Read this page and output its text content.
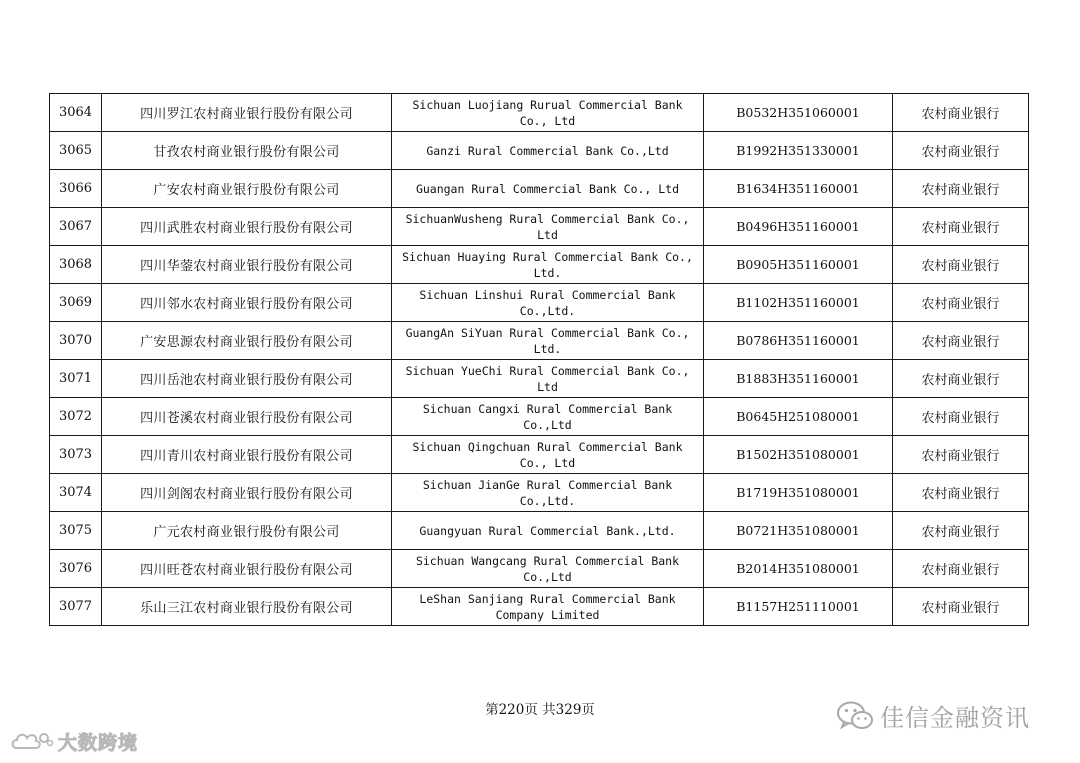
3064	四川罗江农村商业银行股份有限公司	Sichuan Luojiang Rurual Commercial Bank Co., Ltd	B0532H351060001	农村商业银行
3065	甘孜农村商业银行股份有限公司	Ganzi Rural Commercial Bank Co.,Ltd	B1992H351330001	农村商业银行
3066	广安农村商业银行股份有限公司	Guangan Rural Commercial Bank Co., Ltd	B1634H351160001	农村商业银行
3067	四川武胜农村商业银行股份有限公司	SichuanWusheng Rural Commercial Bank Co., Ltd	B0496H351160001	农村商业银行
3068	四川华蓥农村商业银行股份有限公司	Sichuan Huaying Rural Commercial Bank Co., Ltd.	B0905H351160001	农村商业银行
3069	四川邻水农村商业银行股份有限公司	Sichuan Linshui Rural Commercial Bank Co.,Ltd.	B1102H351160001	农村商业银行
3070	广安思源农村商业银行股份有限公司	GuangAn SiYuan Rural Commercial Bank Co., Ltd.	B0786H351160001	农村商业银行
3071	四川岳池农村商业银行股份有限公司	Sichuan YueChi Rural Commercial Bank Co., Ltd	B1883H351160001	农村商业银行
3072	四川苍溪农村商业银行股份有限公司	Sichuan Cangxi Rural Commercial Bank Co.,Ltd	B0645H251080001	农村商业银行
3073	四川青川农村商业银行股份有限公司	Sichuan Qingchuan Rural Commercial Bank Co., Ltd	B1502H351080001	农村商业银行
3074	四川剑阁农村商业银行股份有限公司	Sichuan JianGe Rural Commercial Bank Co.,Ltd.	B1719H351080001	农村商业银行
3075	广元农村商业银行股份有限公司	Guangyuan Rural Commercial Bank.,Ltd.	B0721H351080001	农村商业银行
3076	四川旺苍农村商业银行股份有限公司	Sichuan Wangcang Rural Commercial Bank Co.,Ltd	B2014H351080001	农村商业银行
3077	乐山三江农村商业银行股份有限公司	LeShan Sanjiang Rural Commercial Bank Company Limited	B1157H251110001	农村商业银行
第220页 共329页	佳信金融资讯
大数跨境
